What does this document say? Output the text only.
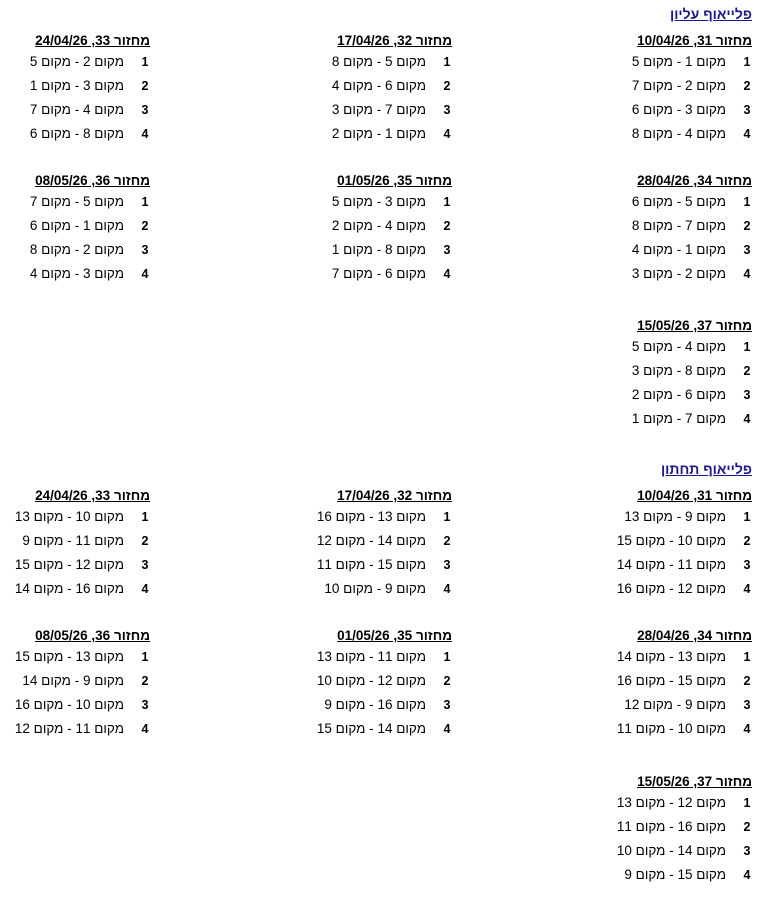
פלייאוף עליון
מחזור 31, 10/04/26
1
מקום 1 - מקום 5
2
מקום 2 - מקום 7
3
מקום 3 - מקום 6
4
מקום 4 - מקום 8
מחזור 32, 17/04/26
1
מקום 5 - מקום 8
2
מקום 6 - מקום 4
3
מקום 7 - מקום 3
4
מקום 1 - מקום 2
מחזור 33, 24/04/26
1
מקום 2 - מקום 5
2
מקום 3 - מקום 1
3
מקום 4 - מקום 7
4
מקום 8 - מקום 6
מחזור 34, 28/04/26
1
מקום 5 - מקום 6
2
מקום 7 - מקום 8
3
מקום 1 - מקום 4
4
מקום 2 - מקום 3
מחזור 35, 01/05/26
1
מקום 3 - מקום 5
2
מקום 4 - מקום 2
3
מקום 8 - מקום 1
4
מקום 6 - מקום 7
מחזור 36, 08/05/26
1
מקום 5 - מקום 7
2
מקום 1 - מקום 6
3
מקום 2 - מקום 8
4
מקום 3 - מקום 4
מחזור 37, 15/05/26
1
מקום 4 - מקום 5
2
מקום 8 - מקום 3
3
מקום 6 - מקום 2
4
מקום 7 - מקום 1
פלייאוף תחתון
מחזור 31, 10/04/26
1
מקום 9 - מקום 13
2
מקום 10 - מקום 15
3
מקום 11 - מקום 14
4
מקום 12 - מקום 16
מחזור 32, 17/04/26
1
מקום 13 - מקום 16
2
מקום 14 - מקום 12
3
מקום 15 - מקום 11
4
מקום 9 - מקום 10
מחזור 33, 24/04/26
1
מקום 10 - מקום 13
2
מקום 11 - מקום 9
3
מקום 12 - מקום 15
4
מקום 16 - מקום 14
מחזור 34, 28/04/26
1
מקום 13 - מקום 14
2
מקום 15 - מקום 16
3
מקום 9 - מקום 12
4
מקום 10 - מקום 11
מחזור 35, 01/05/26
1
מקום 11 - מקום 13
2
מקום 12 - מקום 10
3
מקום 16 - מקום 9
4
מקום 14 - מקום 15
מחזור 36, 08/05/26
1
מקום 13 - מקום 15
2
מקום 9 - מקום 14
3
מקום 10 - מקום 16
4
מקום 11 - מקום 12
מחזור 37, 15/05/26
1
מקום 12 - מקום 13
2
מקום 16 - מקום 11
3
מקום 14 - מקום 10
4
מקום 15 - מקום 9
